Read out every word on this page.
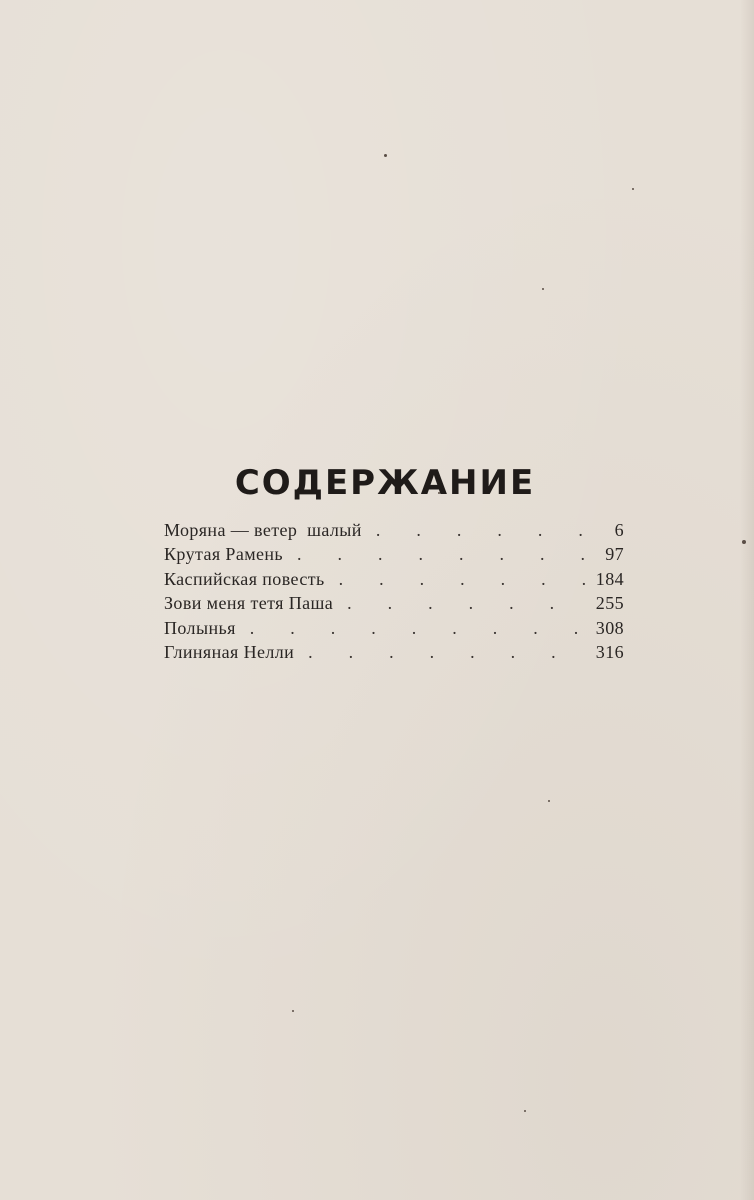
СОДЕРЖАНИЕ
Моряна — ветер  шалый .	6
Крутая Рамень .	97
Каспийская повесть .	184
Зови меня тетя Паша .	255
Полынья .	308
Глиняная Нелли .	316
